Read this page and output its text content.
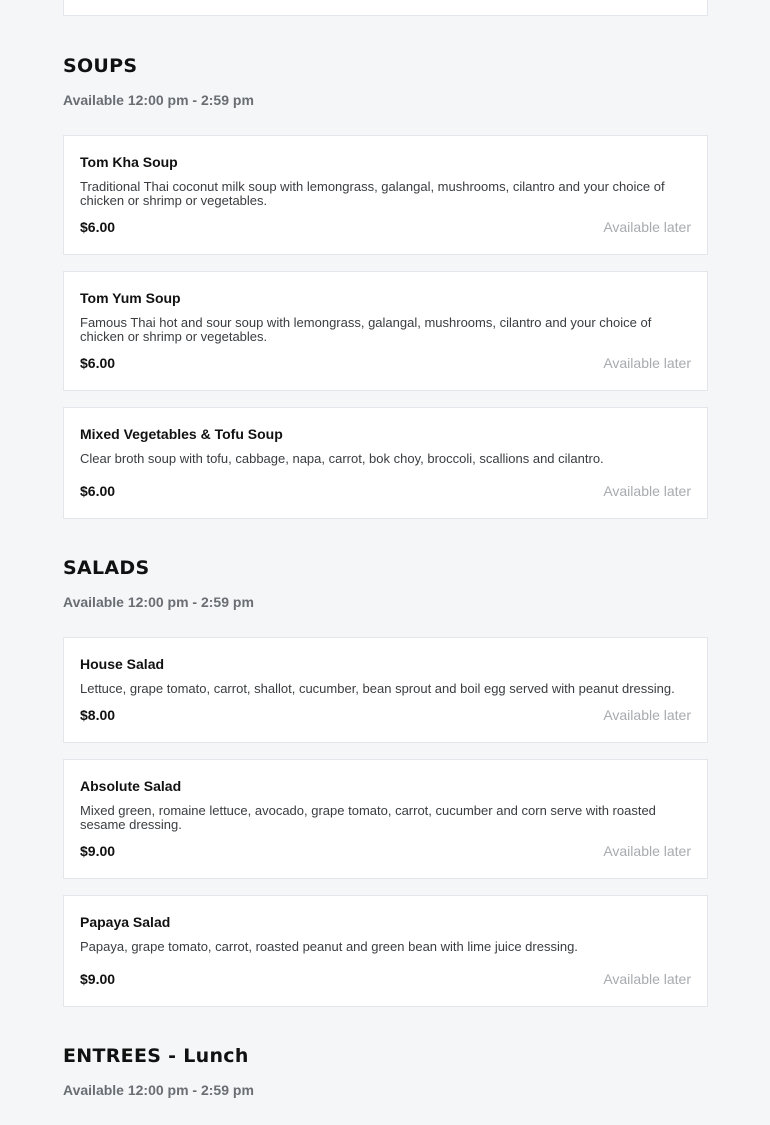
SOUPS
Available 12:00 pm - 2:59 pm
Tom Kha Soup
Traditional Thai coconut milk soup with lemongrass, galangal, mushrooms, cilantro and your choice of chicken or shrimp or vegetables.
$6.00	Available later
Tom Yum Soup
Famous Thai hot and sour soup with lemongrass, galangal, mushrooms, cilantro and your choice of chicken or shrimp or vegetables.
$6.00	Available later
Mixed Vegetables & Tofu Soup
Clear broth soup with tofu, cabbage, napa, carrot, bok choy, broccoli, scallions and cilantro.
$6.00	Available later
SALADS
Available 12:00 pm - 2:59 pm
House Salad
Lettuce, grape tomato, carrot, shallot, cucumber, bean sprout and boil egg served with peanut dressing.
$8.00	Available later
Absolute Salad
Mixed green, romaine lettuce, avocado, grape tomato, carrot, cucumber and corn serve with roasted sesame dressing.
$9.00	Available later
Papaya Salad
Papaya, grape tomato, carrot, roasted peanut and green bean with lime juice dressing.
$9.00	Available later
ENTREES - Lunch
Available 12:00 pm - 2:59 pm
